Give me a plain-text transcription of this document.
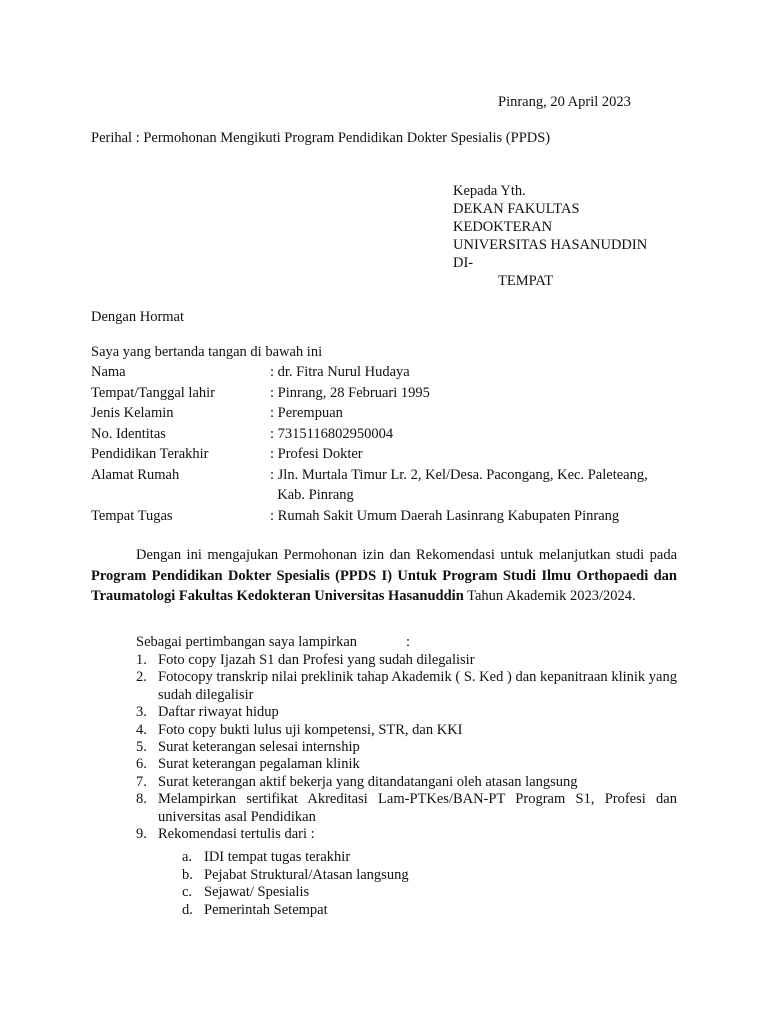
Pinrang, 20 April 2023
Perihal : Permohonan Mengikuti Program Pendidikan Dokter Spesialis (PPDS)
Kepada Yth.
DEKAN FAKULTAS
KEDOKTERAN
UNIVERSITAS HASANUDDIN
DI-
TEMPAT
Dengan Hormat
Saya yang bertanda tangan di bawah ini
Nama	: dr. Fitra Nurul Hudaya
Tempat/Tanggal lahir	: Pinrang, 28 Februari 1995
Jenis Kelamin	: Perempuan
No. Identitas	: 7315116802950004
Pendidikan Terakhir	: Profesi Dokter
Alamat Rumah	: Jln. Murtala Timur Lr. 2, Kel/Desa. Pacongang, Kec. Paleteang,
Kab. Pinrang
Tempat Tugas	: Rumah Sakit Umum Daerah Lasinrang Kabupaten Pinrang
Dengan ini mengajukan Permohonan izin dan Rekomendasi untuk melanjutkan studi pada Program Pendidikan Dokter Spesialis (PPDS I) Untuk Program Studi Ilmu Orthopaedi dan Traumatologi Fakultas Kedokteran Universitas Hasanuddin Tahun Akademik 2023/2024.
Sebagai pertimbangan saya lampirkan	:
1. Foto copy Ijazah S1 dan Profesi yang sudah dilegalisir
2. Fotocopy transkrip nilai preklinik tahap Akademik ( S. Ked ) dan kepanitraan klinik yang sudah dilegalisir
3. Daftar riwayat hidup
4. Foto copy bukti lulus uji kompetensi, STR, dan KKI
5. Surat keterangan selesai internship
6. Surat keterangan pegalaman klinik
7. Surat keterangan aktif bekerja yang ditandatangani oleh atasan langsung
8. Melampirkan sertifikat Akreditasi Lam-PTKes/BAN-PT Program S1, Profesi dan universitas asal Pendidikan
9. Rekomendasi tertulis dari :
a. IDI tempat tugas terakhir
b. Pejabat Struktural/Atasan langsung
c. Sejawat/ Spesialis
d. Pemerintah Setempat
